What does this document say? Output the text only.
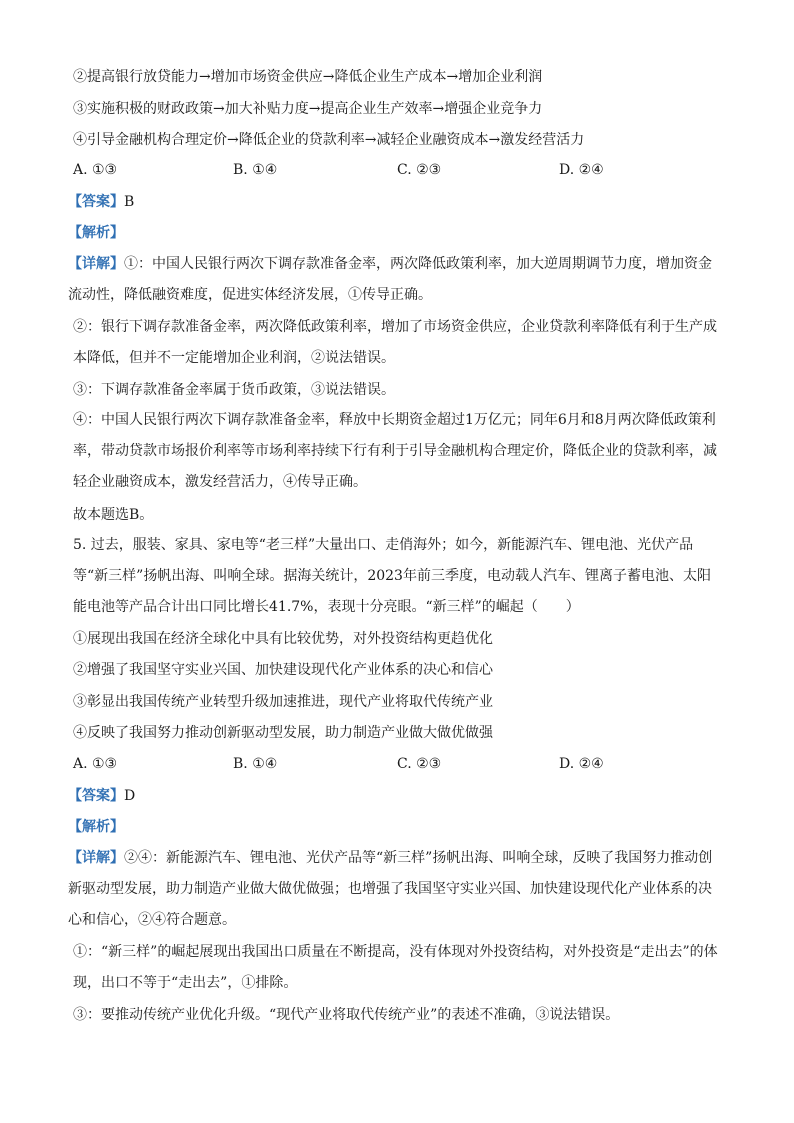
②提高银行放贷能力→增加市场资金供应→降低企业生产成本→增加企业利润
③实施积极的财政政策→加大补贴力度→提高企业生产效率→增强企业竞争力
④引导金融机构合理定价→降低企业的贷款利率→减轻企业融资成本→激发经营活力
A. ①③	B. ①④	C. ②③	D. ②④
【答案】B
【解析】
【详解】①：中国人民银行两次下调存款准备金率，两次降低政策利率，加大逆周期调节力度，增加资金流动性，降低融资难度，促进实体经济发展，①传导正确。
②：银行下调存款准备金率，两次降低政策利率，增加了市场资金供应，企业贷款利率降低有利于生产成本降低，但并不一定能增加企业利润，②说法错误。
③：下调存款准备金率属于货币政策，③说法错误。
④：中国人民银行两次下调存款准备金率，释放中长期资金超过1万亿元；同年6月和8月两次降低政策利率，带动贷款市场报价利率等市场利率持续下行有利于引导金融机构合理定价，降低企业的贷款利率，减轻企业融资成本，激发经营活力，④传导正确。
故本题选B。
5. 过去，服装、家具、家电等“老三样”大量出口、走俏海外；如今，新能源汽车、锂电池、光伏产品等“新三样”扬帆出海、叫响全球。据海关统计，2023年前三季度，电动载人汽车、锂离子蓄电池、太阳能电池等产品合计出口同比增长41.7%，表现十分亮眼。“新三样”的崛起（　　）
①展现出我国在经济全球化中具有比较优势，对外投资结构更趋优化
②增强了我国坚守实业兴国、加快建设现代化产业体系的决心和信心
③彰显出我国传统产业转型升级加速推进，现代产业将取代传统产业
④反映了我国努力推动创新驱动型发展，助力制造产业做大做优做强
A. ①③	B. ①④	C. ②③	D. ②④
【答案】D
【解析】
【详解】②④：新能源汽车、锂电池、光伏产品等“新三样”扬帆出海、叫响全球，反映了我国努力推动创新驱动型发展，助力制造产业做大做优做强；也增强了我国坚守实业兴国、加快建设现代化产业体系的决心和信心，②④符合题意。
①：“新三样”的崛起展现出我国出口质量在不断提高，没有体现对外投资结构，对外投资是“走出去”的体现，出口不等于“走出去”，①排除。
③：要推动传统产业优化升级。“现代产业将取代传统产业”的表述不准确，③说法错误。
